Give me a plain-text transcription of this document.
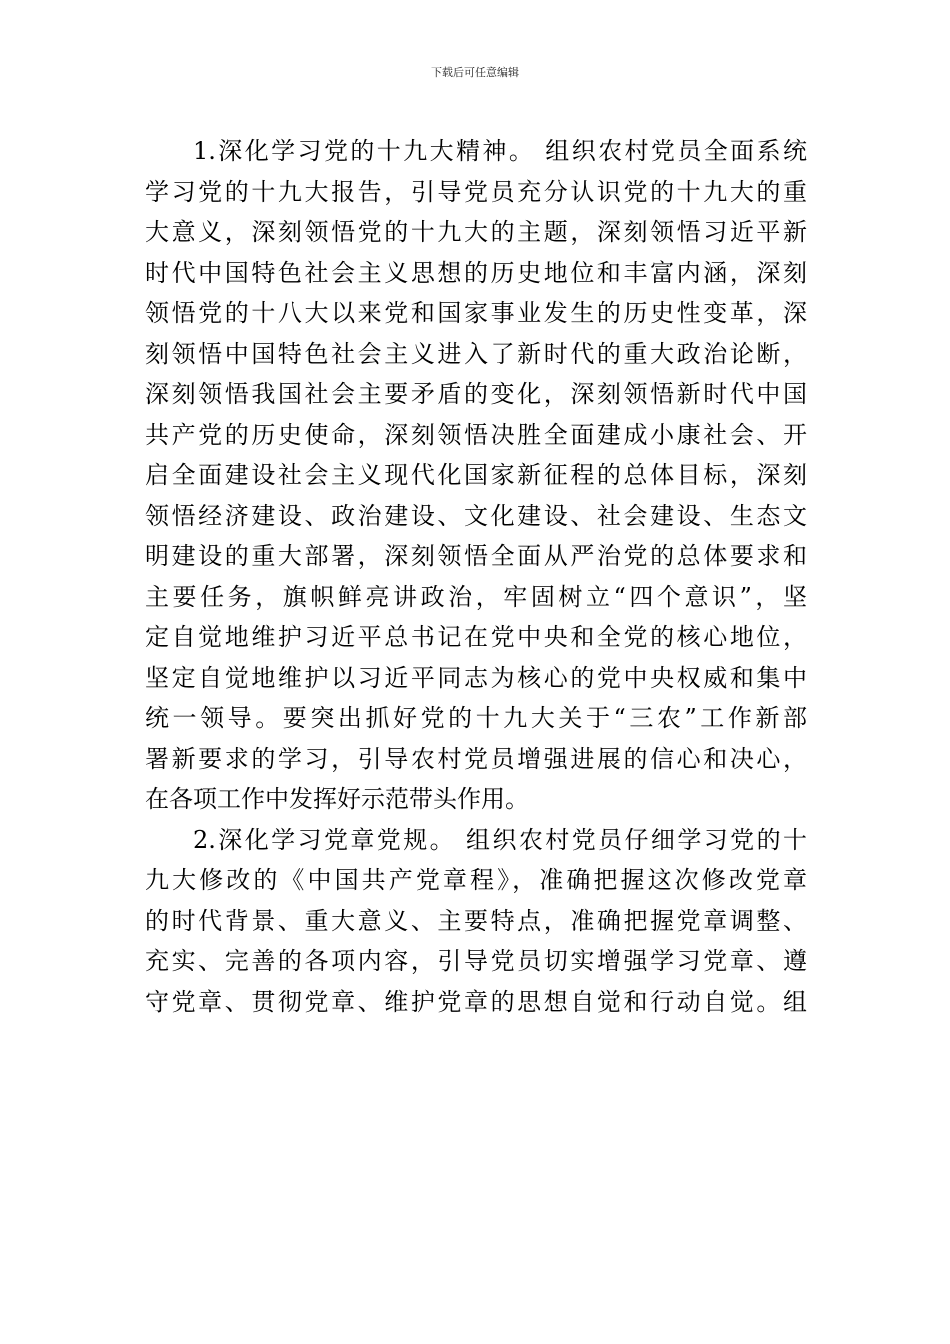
下载后可任意编辑
1.深化学习党的十九大精神。 组织农村党员全面系统
学习党的十九大报告，引导党员充分认识党的十九大的重
大意义，深刻领悟党的十九大的主题，深刻领悟习近平新
时代中国特色社会主义思想的历史地位和丰富内涵，深刻
领悟党的十八大以来党和国家事业发生的历史性变革，深
刻领悟中国特色社会主义进入了新时代的重大政治论断，
深刻领悟我国社会主要矛盾的变化，深刻领悟新时代中国
共产党的历史使命，深刻领悟决胜全面建成小康社会、开
启全面建设社会主义现代化国家新征程的总体目标，深刻
领悟经济建设、政治建设、文化建设、社会建设、生态文
明建设的重大部署，深刻领悟全面从严治党的总体要求和
主要任务，旗帜鲜亮讲政治，牢固树立“四个意识”，坚
定自觉地维护习近平总书记在党中央和全党的核心地位，
坚定自觉地维护以习近平同志为核心的党中央权威和集中
统一领导。要突出抓好党的十九大关于“三农”工作新部
署新要求的学习，引导农村党员增强进展的信心和决心，
在各项工作中发挥好示范带头作用。
2.深化学习党章党规。 组织农村党员仔细学习党的十
九大修改的《中国共产党章程》，准确把握这次修改党章
的时代背景、重大意义、主要特点，准确把握党章调整、
充实、完善的各项内容，引导党员切实增强学习党章、遵
守党章、贯彻党章、维护党章的思想自觉和行动自觉。组
